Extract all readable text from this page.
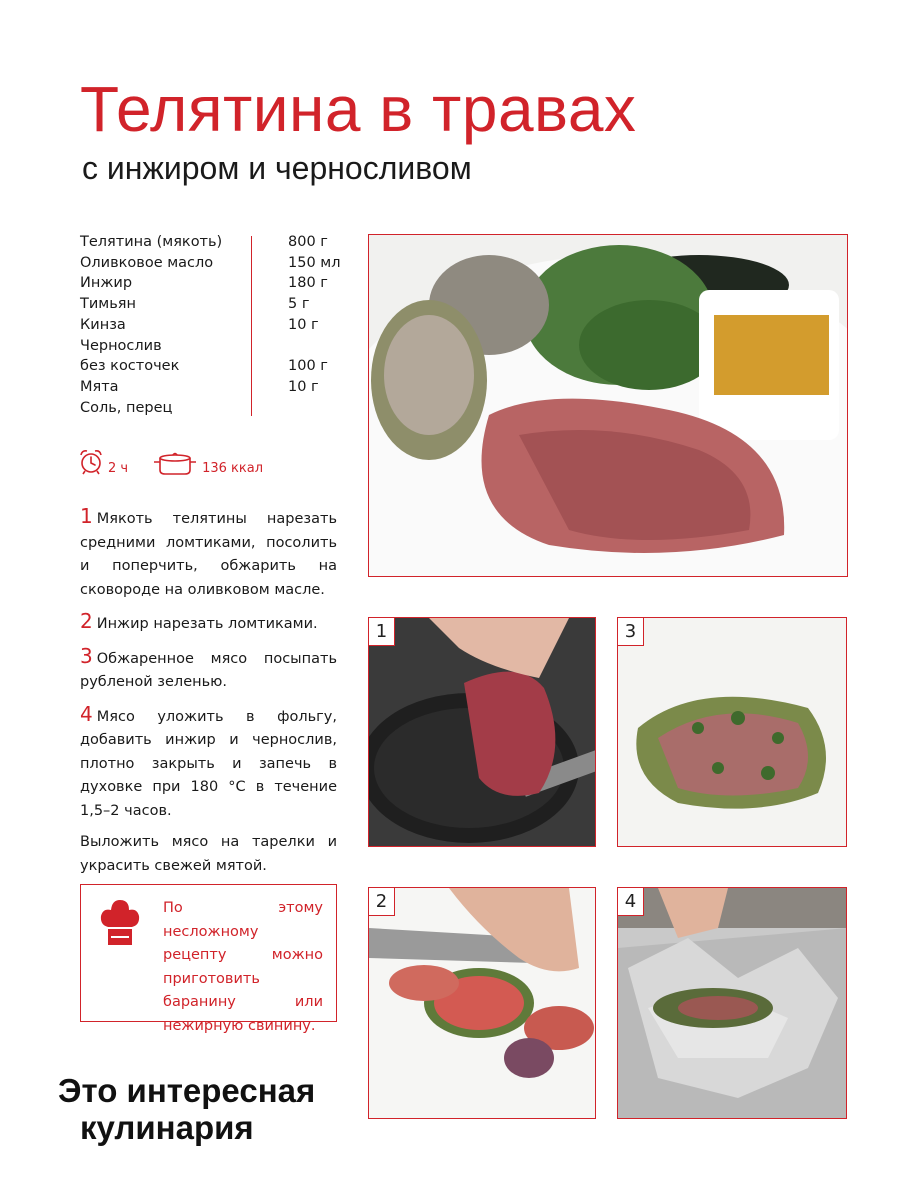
Телятина в травах
с инжиром и черносливом
Телятина (мякоть)	800 г
Оливковое масло	150 мл
Инжир	180 г
Тимьян	5 г
Кинза	10 г
Чернослив
без косточек	100 г
Мята	10 г
Соль, перец
2 ч	136 ккал
1 Мякоть телятины нарезать средними ломтиками, посолить и поперчить, обжарить на сковороде на оливковом масле.
2 Инжир нарезать ломтиками.
3 Обжаренное мясо посыпать рубленой зеленью.
4 Мясо уложить в фольгу, добавить инжир и чернослив, плотно закрыть и запечь в духовке при 180 °С в течение 1,5–2 часов.
Выложить мясо на тарелки и украсить свежей мятой.
По этому несложному рецепту можно приготовить баранину или нежирную свинину.
Это интересная
кулинария
1	3
2	4
